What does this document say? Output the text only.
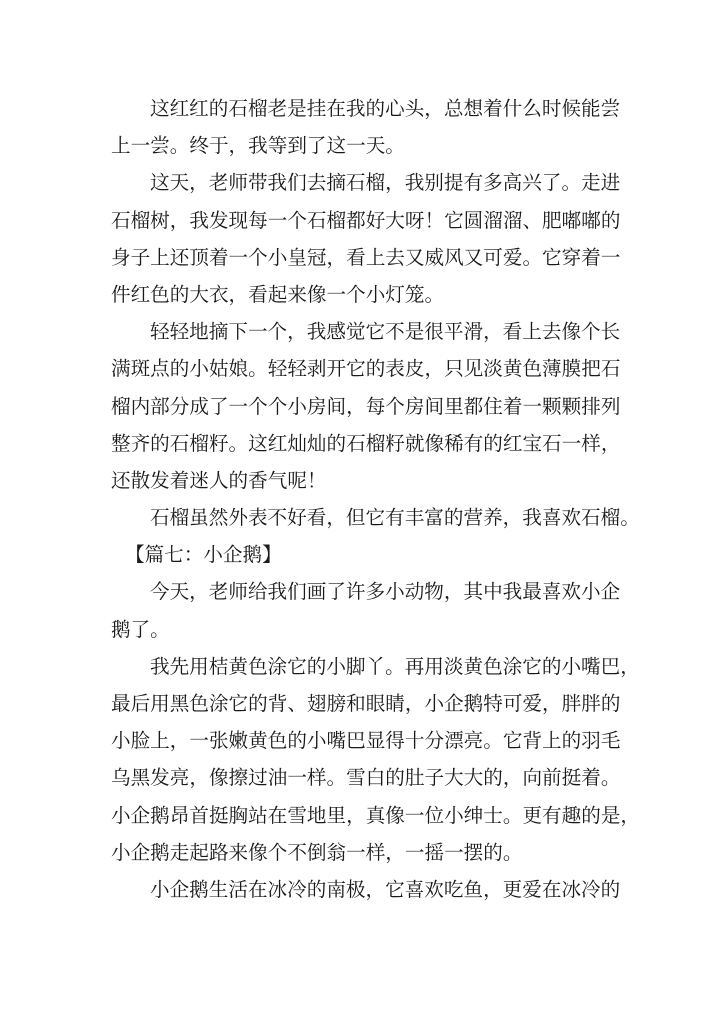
这红红的石榴老是挂在我的心头，总想着什么时候能尝
上一尝。终于，我等到了这一天。
这天，老师带我们去摘石榴，我别提有多高兴了。走进
石榴树，我发现每一个石榴都好大呀！它圆溜溜、肥嘟嘟的
身子上还顶着一个小皇冠，看上去又威风又可爱。它穿着一
件红色的大衣，看起来像一个小灯笼。
轻轻地摘下一个，我感觉它不是很平滑，看上去像个长
满斑点的小姑娘。轻轻剥开它的表皮，只见淡黄色薄膜把石
榴内部分成了一个个小房间，每个房间里都住着一颗颗排列
整齐的石榴籽。这红灿灿的石榴籽就像稀有的红宝石一样，
还散发着迷人的香气呢！
石榴虽然外表不好看，但它有丰富的营养，我喜欢石榴。
【篇七：小企鹅】
今天，老师给我们画了许多小动物，其中我最喜欢小企
鹅了。
我先用桔黄色涂它的小脚丫。再用淡黄色涂它的小嘴巴，
最后用黑色涂它的背、翅膀和眼睛，小企鹅特可爱，胖胖的
小脸上，一张嫩黄色的小嘴巴显得十分漂亮。它背上的羽毛
乌黑发亮，像擦过油一样。雪白的肚子大大的，向前挺着。
小企鹅昂首挺胸站在雪地里，真像一位小绅士。更有趣的是，
小企鹅走起路来像个不倒翁一样，一摇一摆的。
小企鹅生活在冰冷的南极，它喜欢吃鱼，更爱在冰冷的
